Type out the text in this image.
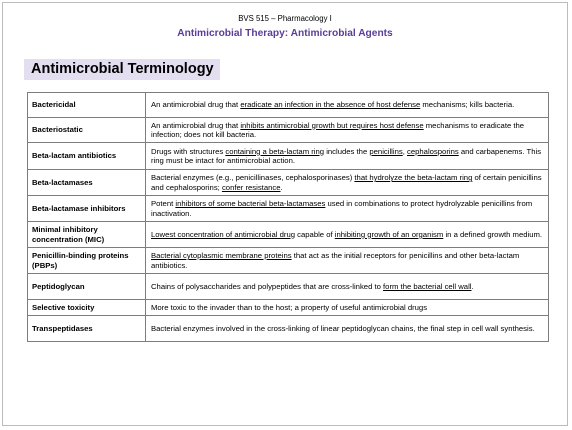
BVS 515 – Pharmacology I
Antimicrobial Therapy: Antimicrobial Agents
Antimicrobial Terminology
Bactericidal	An antimicrobial drug that eradicate an infection in the absence of host defense mechanisms; kills bacteria.
Bacteriostatic	An antimicrobial drug that inhibits antimicrobial growth but requires host defense mechanisms to eradicate the infection; does not kill bacteria.
Beta-lactam antibiotics	Drugs with structures containing a beta-lactam ring includes the penicillins, cephalosporins and carbapenems. This ring must be intact for antimicrobial action.
Beta-lactamases	Bacterial enzymes (e.g., penicillinases, cephalosporinases) that hydrolyze the beta-lactam ring of certain penicillins and cephalosporins; confer resistance.
Beta-lactamase inhibitors	Potent inhibitors of some bacterial beta-lactamases used in combinations to protect hydrolyzable penicillins from inactivation.
Minimal inhibitory concentration (MIC)	Lowest concentration of antimicrobial drug capable of inhibiting growth of an organism in a defined growth medium.
Penicillin-binding proteins (PBPs)	Bacterial cytoplasmic membrane proteins that act as the initial receptors for penicillins and other beta-lactam antibiotics.
Peptidoglycan	Chains of polysaccharides and polypeptides that are cross-linked to form the bacterial cell wall.
Selective toxicity	More toxic to the invader than to the host; a property of useful antimicrobial drugs
Transpeptidases	Bacterial enzymes involved in the cross-linking of linear peptidoglycan chains, the final step in cell wall synthesis.
